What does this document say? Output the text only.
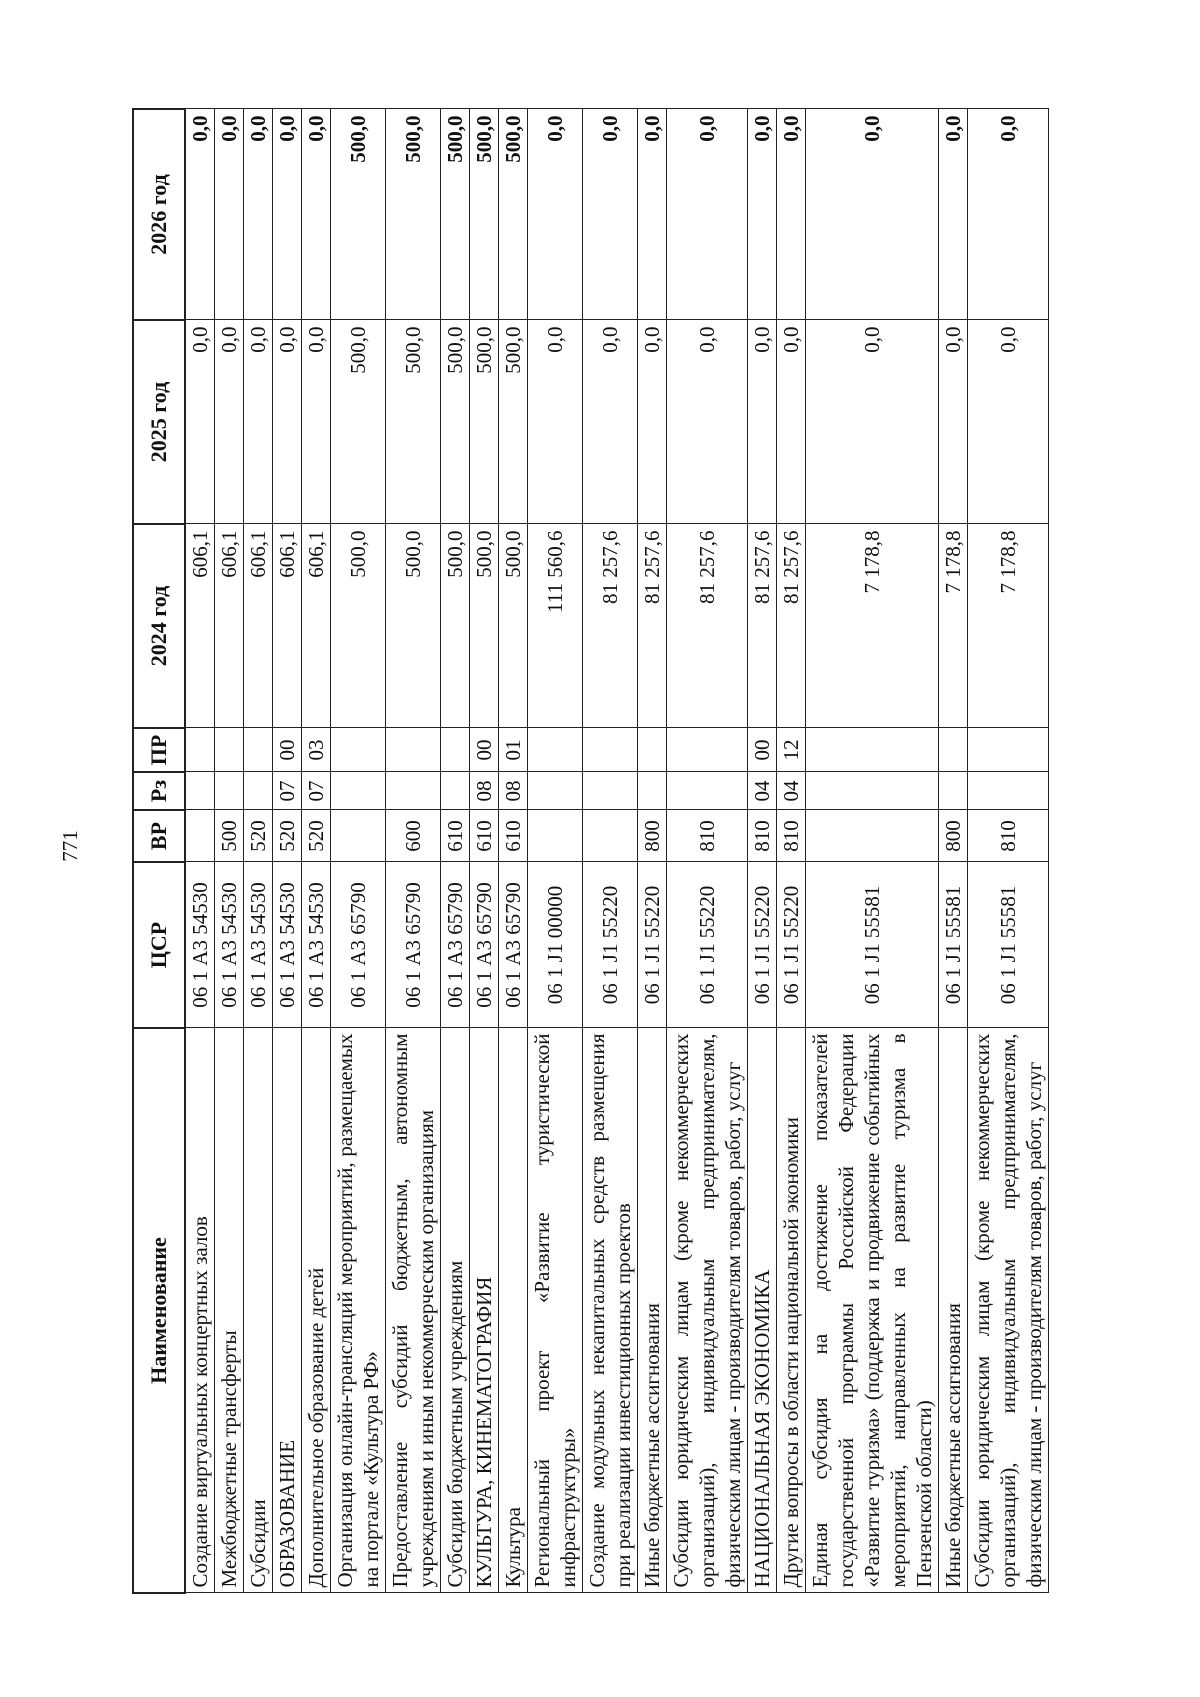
771
Наименование	ЦСР	ВР	Рз	ПР	2024 год	2025 год	2026 год
Создание виртуальных концертных залов	06 1 А3 54530				606,1	0,0	0,0
Межбюджетные трансферты	06 1 А3 54530	500			606,1	0,0	0,0
Субсидии	06 1 А3 54530	520			606,1	0,0	0,0
ОБРАЗОВАНИЕ	06 1 А3 54530	520	07	00	606,1	0,0	0,0
Дополнительное образование детей	06 1 А3 54530	520	07	03	606,1	0,0	0,0
Организация онлайн-трансляций мероприятий, размещаемых на портале «Культура РФ»	06 1 А3 65790				500,0	500,0	500,0
Предоставление субсидий бюджетным, автономным учреждениям и иным некоммерческим организациям	06 1 А3 65790	600			500,0	500,0	500,0
Субсидии бюджетным учреждениям	06 1 А3 65790	610			500,0	500,0	500,0
КУЛЬТУРА, КИНЕМАТОГРАФИЯ	06 1 А3 65790	610	08	00	500,0	500,0	500,0
Культура	06 1 А3 65790	610	08	01	500,0	500,0	500,0
Региональный проект «Развитие туристической инфраструктуры»	06 1 J1 00000				111 560,6	0,0	0,0
Создание модульных некапитальных средств размещения при реализации инвестиционных проектов	06 1 J1 55220				81 257,6	0,0	0,0
Иные бюджетные ассигнования	06 1 J1 55220	800			81 257,6	0,0	0,0
Субсидии юридическим лицам (кроме некоммерческих организаций), индивидуальным предпринимателям, физическим лицам - производителям товаров, работ, услуг	06 1 J1 55220	810			81 257,6	0,0	0,0
НАЦИОНАЛЬНАЯ ЭКОНОМИКА	06 1 J1 55220	810	04	00	81 257,6	0,0	0,0
Другие вопросы в области национальной экономики	06 1 J1 55220	810	04	12	81 257,6	0,0	0,0
Единая субсидия на достижение показателей государственной программы Российской Федерации «Развитие туризма» (поддержка и продвижение событийных мероприятий, направленных на развитие туризма в Пензенской области)	06 1 J1 55581				7 178,8	0,0	0,0
Иные бюджетные ассигнования	06 1 J1 55581	800			7 178,8	0,0	0,0
Субсидии юридическим лицам (кроме некоммерческих организаций), индивидуальным предпринимателям, физическим лицам - производителям товаров, работ, услуг	06 1 J1 55581	810			7 178,8	0,0	0,0
